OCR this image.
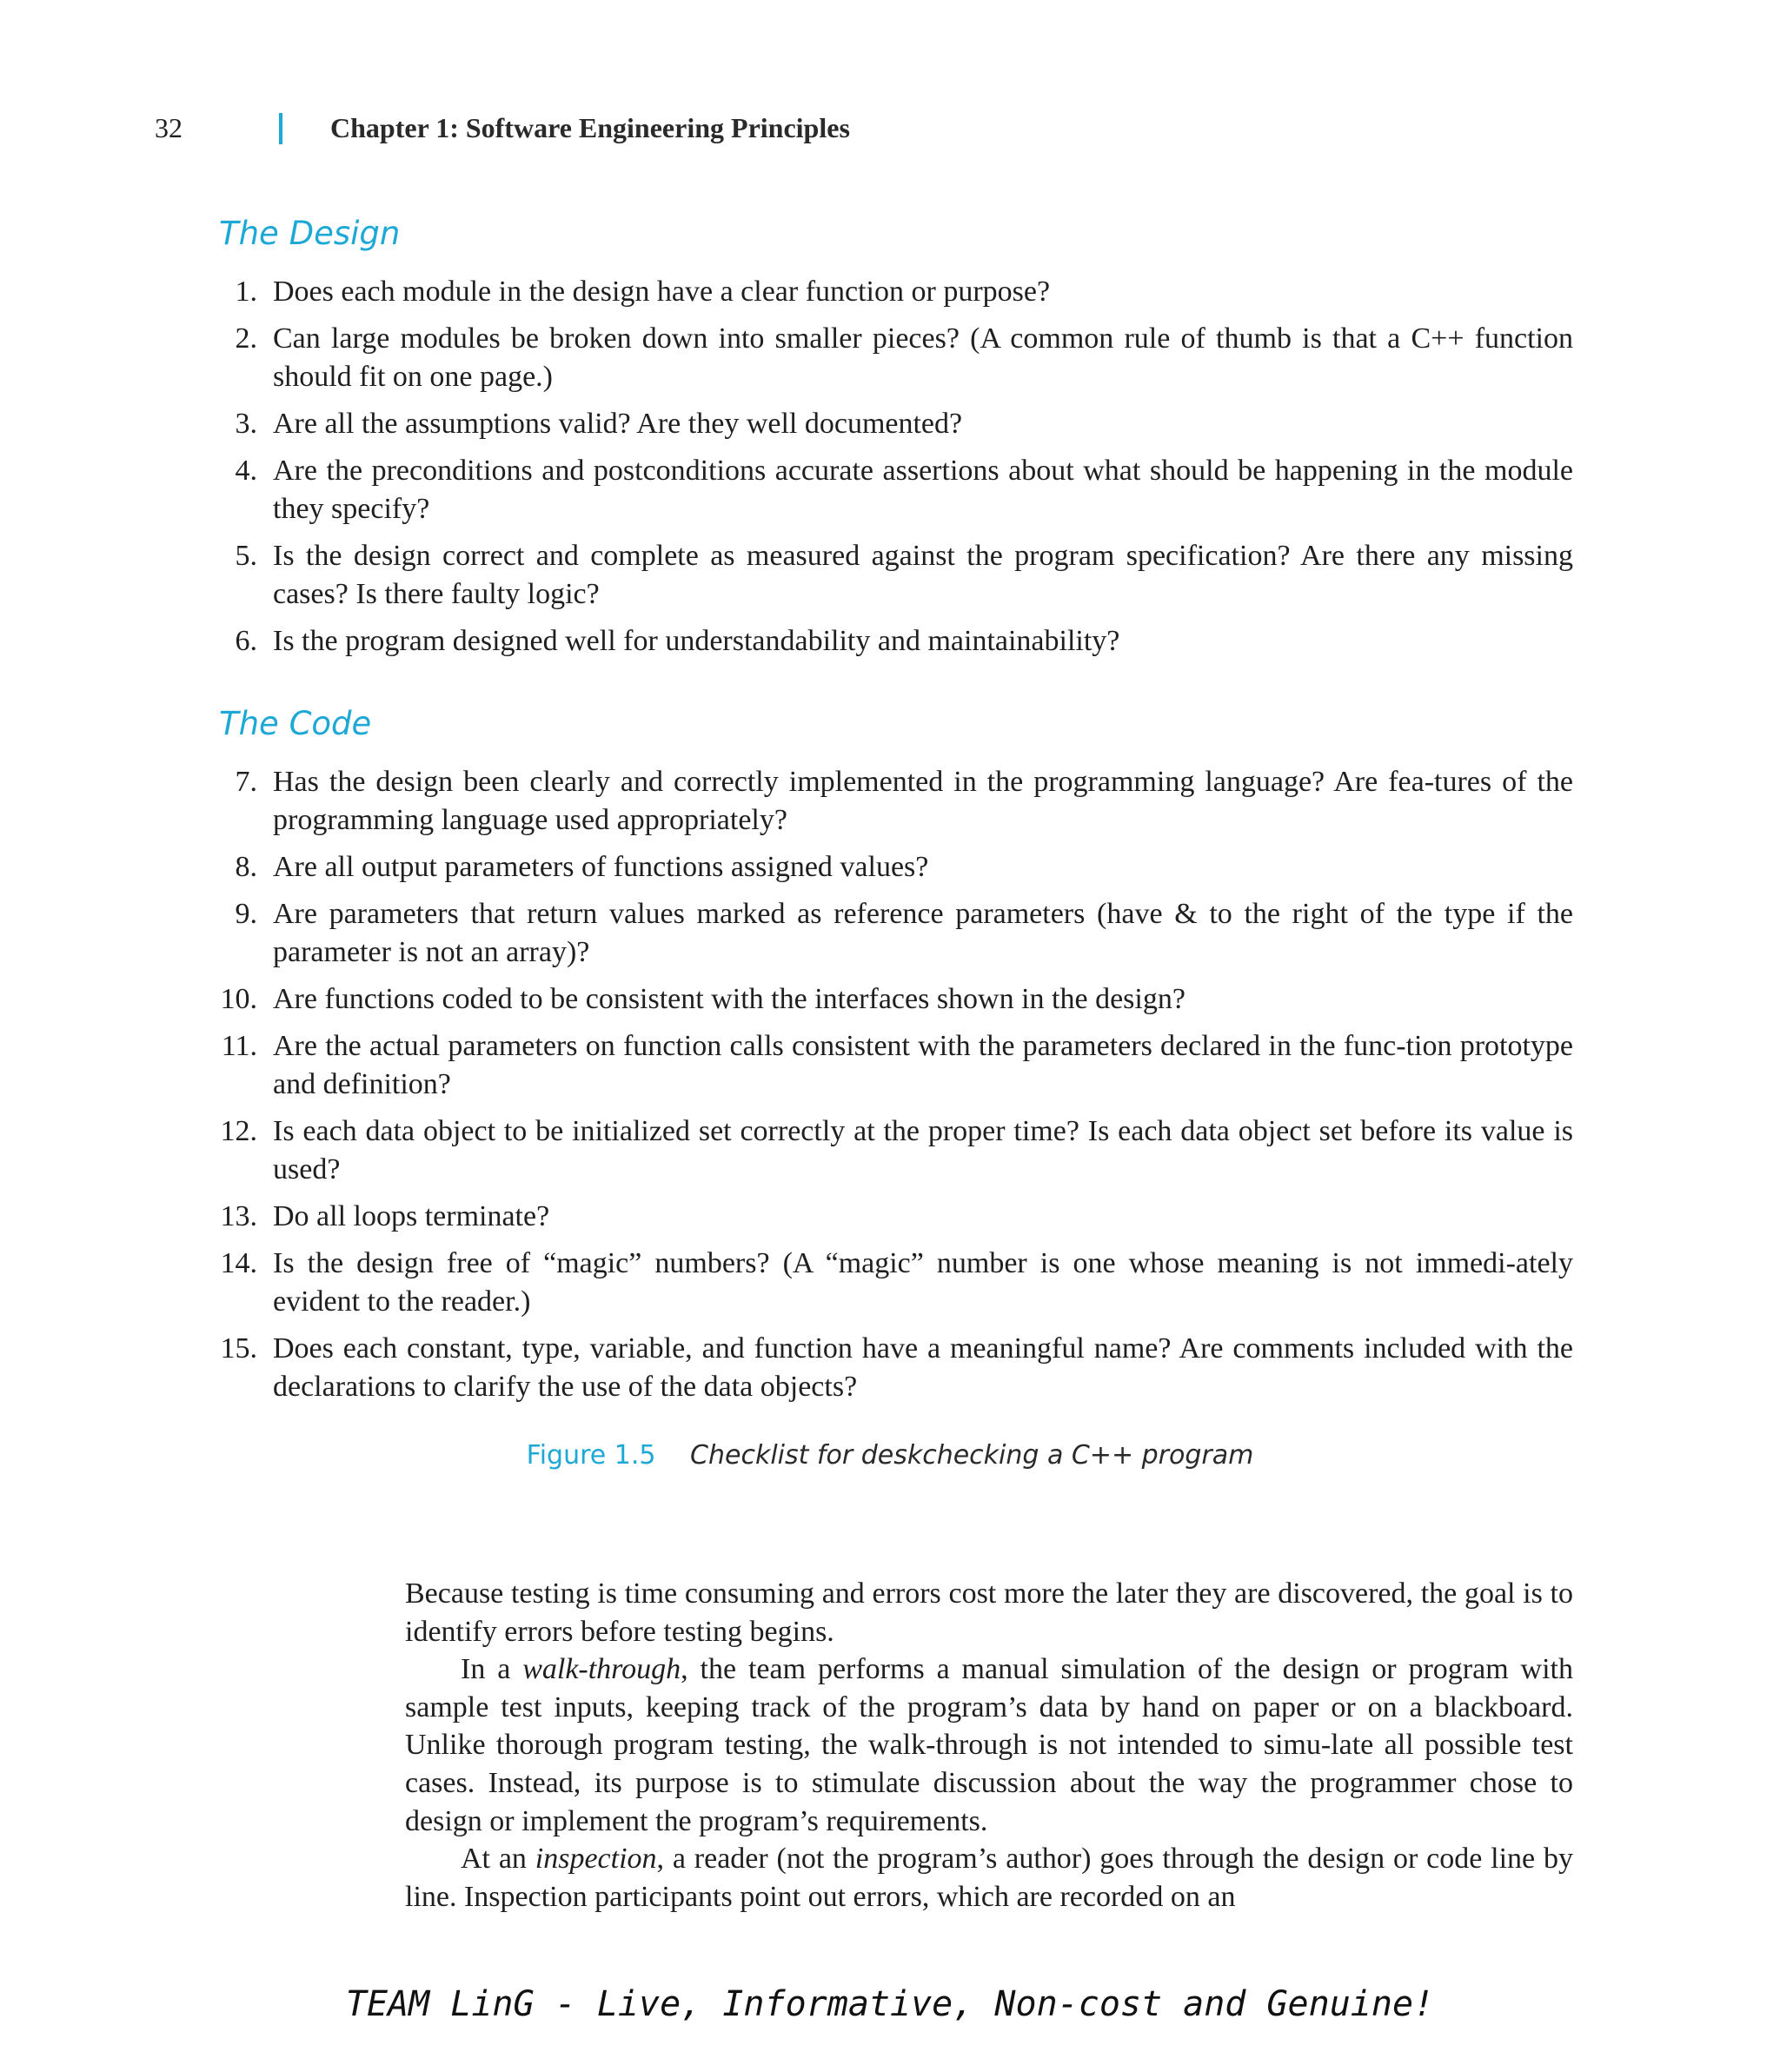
32	Chapter 1: Software Engineering Principles
The Design
1. Does each module in the design have a clear function or purpose?
2. Can large modules be broken down into smaller pieces? (A common rule of thumb is that a C++ function should fit on one page.)
3. Are all the assumptions valid? Are they well documented?
4. Are the preconditions and postconditions accurate assertions about what should be happening in the module they specify?
5. Is the design correct and complete as measured against the program specification? Are there any missing cases? Is there faulty logic?
6. Is the program designed well for understandability and maintainability?
The Code
7. Has the design been clearly and correctly implemented in the programming language? Are fea-tures of the programming language used appropriately?
8. Are all output parameters of functions assigned values?
9. Are parameters that return values marked as reference parameters (have & to the right of the type if the parameter is not an array)?
10. Are functions coded to be consistent with the interfaces shown in the design?
11. Are the actual parameters on function calls consistent with the parameters declared in the func-tion prototype and definition?
12. Is each data object to be initialized set correctly at the proper time? Is each data object set before its value is used?
13. Do all loops terminate?
14. Is the design free of “magic” numbers? (A “magic” number is one whose meaning is not immedi-ately evident to the reader.)
15. Does each constant, type, variable, and function have a meaningful name? Are comments included with the declarations to clarify the use of the data objects?
Figure 1.5 Checklist for deskchecking a C++ program

Because testing is time consuming and errors cost more the later they are discovered, the goal is to identify errors before testing begins.

In a walk-through, the team performs a manual simulation of the design or program with sample test inputs, keeping track of the program’s data by hand on paper or on a blackboard. Unlike thorough program testing, the walk-through is not intended to simu-late all possible test cases. Instead, its purpose is to stimulate discussion about the way the programmer chose to design or implement the program’s requirements.

At an inspection, a reader (not the program’s author) goes through the design or code line by line. Inspection participants point out errors, which are recorded on an

TEAM LinG - Live, Informative, Non-cost and Genuine!
